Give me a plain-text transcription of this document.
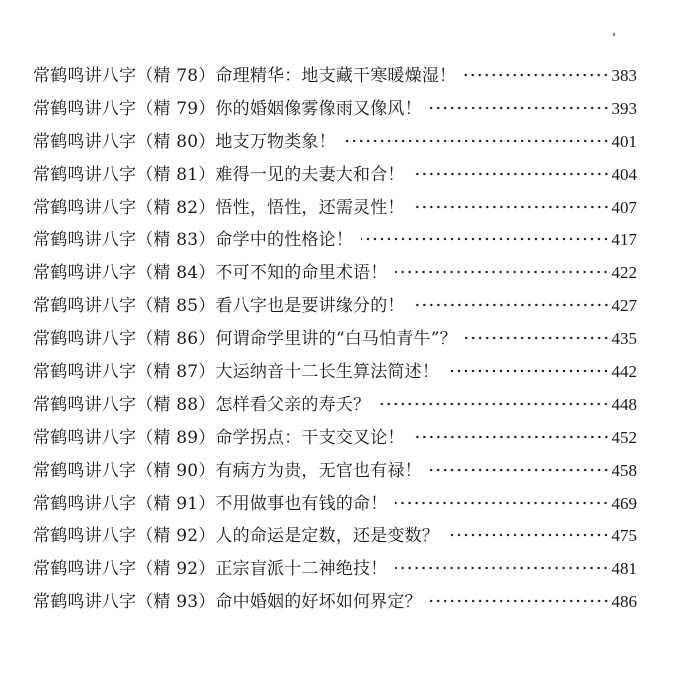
常鹤鸣讲八字（精 78）命理精华：地支藏干寒暖燥湿！	383
常鹤鸣讲八字（精 79）你的婚姻像雾像雨又像风！	393
常鹤鸣讲八字（精 80）地支万物类象！	401
常鹤鸣讲八字（精 81）难得一见的夫妻大和合！	404
常鹤鸣讲八字（精 82）悟性，悟性，还需灵性！	407
常鹤鸣讲八字（精 83）命学中的性格论！	417
常鹤鸣讲八字（精 84）不可不知的命里术语！	422
常鹤鸣讲八字（精 85）看八字也是要讲缘分的！	427
常鹤鸣讲八字（精 86）何谓命学里讲的“白马怕青牛”？	435
常鹤鸣讲八字（精 87）大运纳音十二长生算法简述！	442
常鹤鸣讲八字（精 88）怎样看父亲的寿夭？	448
常鹤鸣讲八字（精 89）命学拐点：干支交叉论！	452
常鹤鸣讲八字（精 90）有病方为贵，无官也有禄！	458
常鹤鸣讲八字（精 91）不用做事也有钱的命！	469
常鹤鸣讲八字（精 92）人的命运是定数，还是变数？	475
常鹤鸣讲八字（精 92）正宗盲派十二神绝技！	481
常鹤鸣讲八字（精 93）命中婚姻的好坏如何界定？	486
